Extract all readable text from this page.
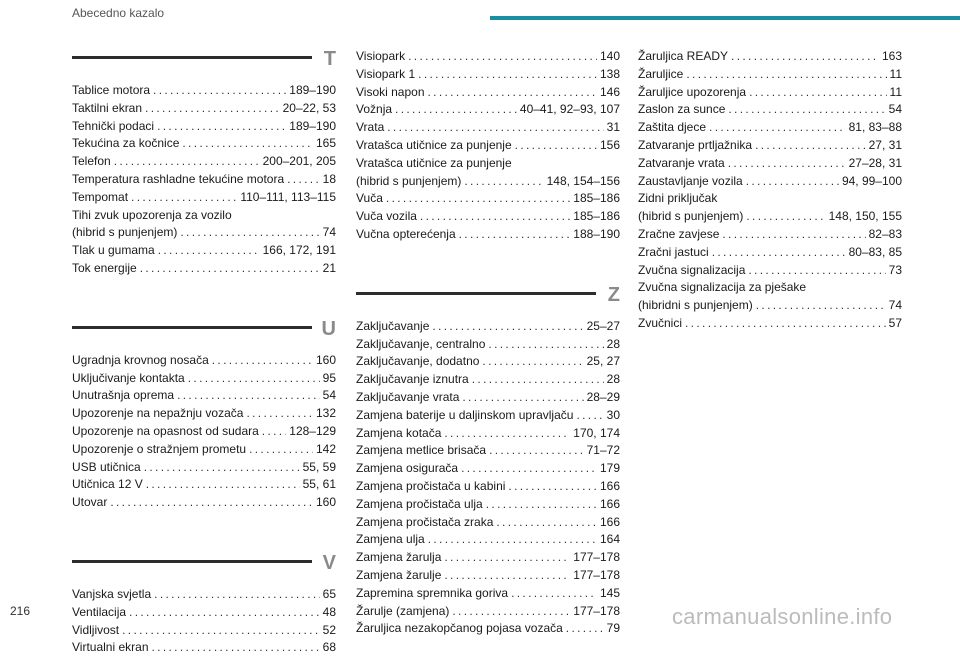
Abecedno kazalo
T
Tablice motora . . .	189–190
Taktilni ekran . . .	20–22, 53
Tehnički podaci . . .	189–190
Tekućina za kočnice . . .	165
Telefon . . .	200–201, 205
Temperatura rashladne tekućine motora . . .	18
Tempomat . . .	110–111, 113–115
Tihi zvuk upozorenja za vozilo
(hibrid s punjenjem) . . .	74
Tlak u gumama . . .	166, 172, 191
Tok energije . . .	21
U
Ugradnja krovnog nosača . . .	160
Uključivanje kontakta . . .	95
Unutrašnja oprema . . .	54
Upozorenje na nepažnju vozača . . .	132
Upozorenje na opasnost od sudara . . .	128–129
Upozorenje o stražnjem prometu . . .	142
USB utičnica . . .	55, 59
Utičnica 12 V . . .	55, 61
Utovar . . .	160
V
Vanjska svjetla . . .	65
Ventilacija . . .	48
Vidljivost . . .	52
Virtualni ekran . . .	68
Visiopark . . .	140
Visiopark 1 . . .	138
Visoki napon . . .	146
Vožnja . . .	40–41, 92–93, 107
Vrata . . .	31
Vratašca utičnice za punjenje . . .	156
Vratašca utičnice za punjenje
(hibrid s punjenjem) . . .	148, 154–156
Vuča . . .	185–186
Vuča vozila . . .	185–186
Vučna opterećenja . . .	188–190
Z
Zaključavanje . . .	25–27
Zaključavanje, centralno . . .	28
Zaključavanje, dodatno . . .	25, 27
Zaključavanje iznutra . . .	28
Zaključavanje vrata . . .	28–29
Zamjena baterije u daljinskom upravljaču . . .	30
Zamjena kotača . . .	170, 174
Zamjena metlice brisača . . .	71–72
Zamjena osigurača . . .	179
Zamjena pročistača u kabini . . .	166
Zamjena pročistača ulja . . .	166
Zamjena pročistača zraka . . .	166
Zamjena ulja . . .	164
Zamjena žarulja . . .	177–178
Zamjena žarulje . . .	177–178
Zapremina spremnika goriva . . .	145
Žarulje (zamjena) . . .	177–178
Žaruljica nezakopčanog pojasa vozača . . .	79
Žaruljica READY . . .	163
Žaruljice . . .	11
Žaruljice upozorenja . . .	11
Zaslon za sunce . . .	54
Zaštita djece . . .	81, 83–88
Zatvaranje prtljažnika . . .	27, 31
Zatvaranje vrata . . .	27–28, 31
Zaustavljanje vozila . . .	94, 99–100
Zidni priključak
(hibrid s punjenjem) . . .	148, 150, 155
Zračne zavjese . . .	82–83
Zračni jastuci . . .	80–83, 85
Zvučna signalizacija . . .	73
Zvučna signalizacija za pješake
(hibridni s punjenjem) . . .	74
Zvučnici . . .	57
216	carmanualsonline.info
